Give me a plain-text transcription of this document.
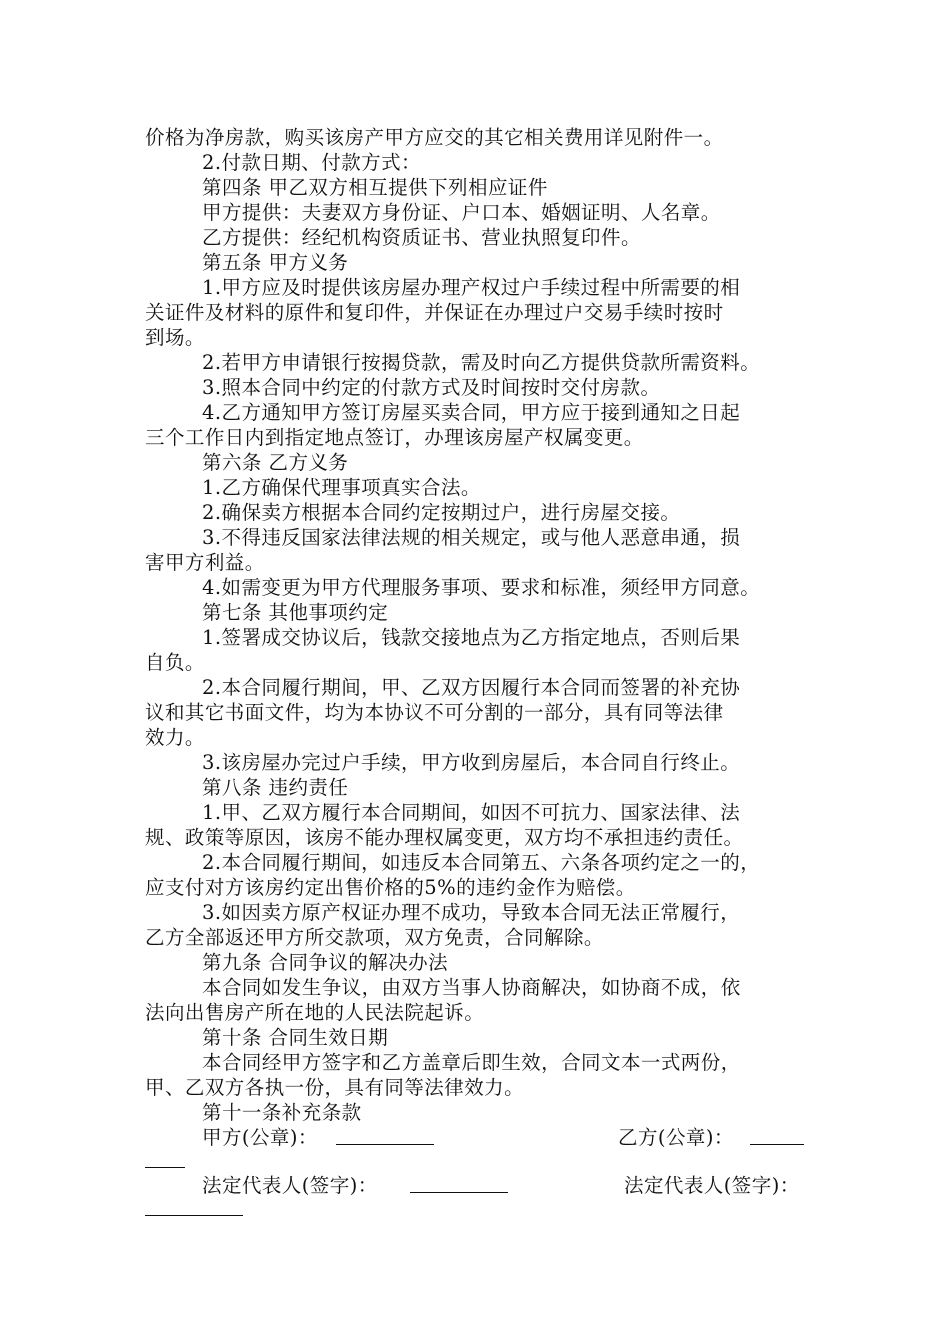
价格为净房款，购买该房产甲方应交的其它相关费用详见附件一。
2.付款日期、付款方式：
第四条 甲乙双方相互提供下列相应证件
甲方提供：夫妻双方身份证、户口本、婚姻证明、人名章。
乙方提供：经纪机构资质证书、营业执照复印件。
第五条 甲方义务
1.甲方应及时提供该房屋办理产权过户手续过程中所需要的相
关证件及材料的原件和复印件，并保证在办理过户交易手续时按时
到场。
2.若甲方申请银行按揭贷款，需及时向乙方提供贷款所需资料。
3.照本合同中约定的付款方式及时间按时交付房款。
4.乙方通知甲方签订房屋买卖合同，甲方应于接到通知之日起
三个工作日内到指定地点签订，办理该房屋产权属变更。
第六条 乙方义务
1.乙方确保代理事项真实合法。
2.确保卖方根据本合同约定按期过户，进行房屋交接。
3.不得违反国家法律法规的相关规定，或与他人恶意串通，损
害甲方利益。
4.如需变更为甲方代理服务事项、要求和标准，须经甲方同意。
第七条 其他事项约定
1.签署成交协议后，钱款交接地点为乙方指定地点，否则后果
自负。
2.本合同履行期间，甲、乙双方因履行本合同而签署的补充协
议和其它书面文件，均为本协议不可分割的一部分，具有同等法律
效力。
3.该房屋办完过户手续，甲方收到房屋后，本合同自行终止。
第八条 违约责任
1.甲、乙双方履行本合同期间，如因不可抗力、国家法律、法
规、政策等原因，该房不能办理权属变更，双方均不承担违约责任。
2.本合同履行期间，如违反本合同第五、六条各项约定之一的，
应支付对方该房约定出售价格的5%的违约金作为赔偿。
3.如因卖方原产权证办理不成功，导致本合同无法正常履行，
乙方全部返还甲方所交款项，双方免责，合同解除。
第九条 合同争议的解决办法
本合同如发生争议，由双方当事人协商解决，如协商不成，依
法向出售房产所在地的人民法院起诉。
第十条 合同生效日期
本合同经甲方签字和乙方盖章后即生效，合同文本一式两份，
甲、乙双方各执一份，具有同等法律效力。
第十一条补充条款
甲方(公章)：	乙方(公章)：
法定代表人(签字)：	法定代表人(签字)：
